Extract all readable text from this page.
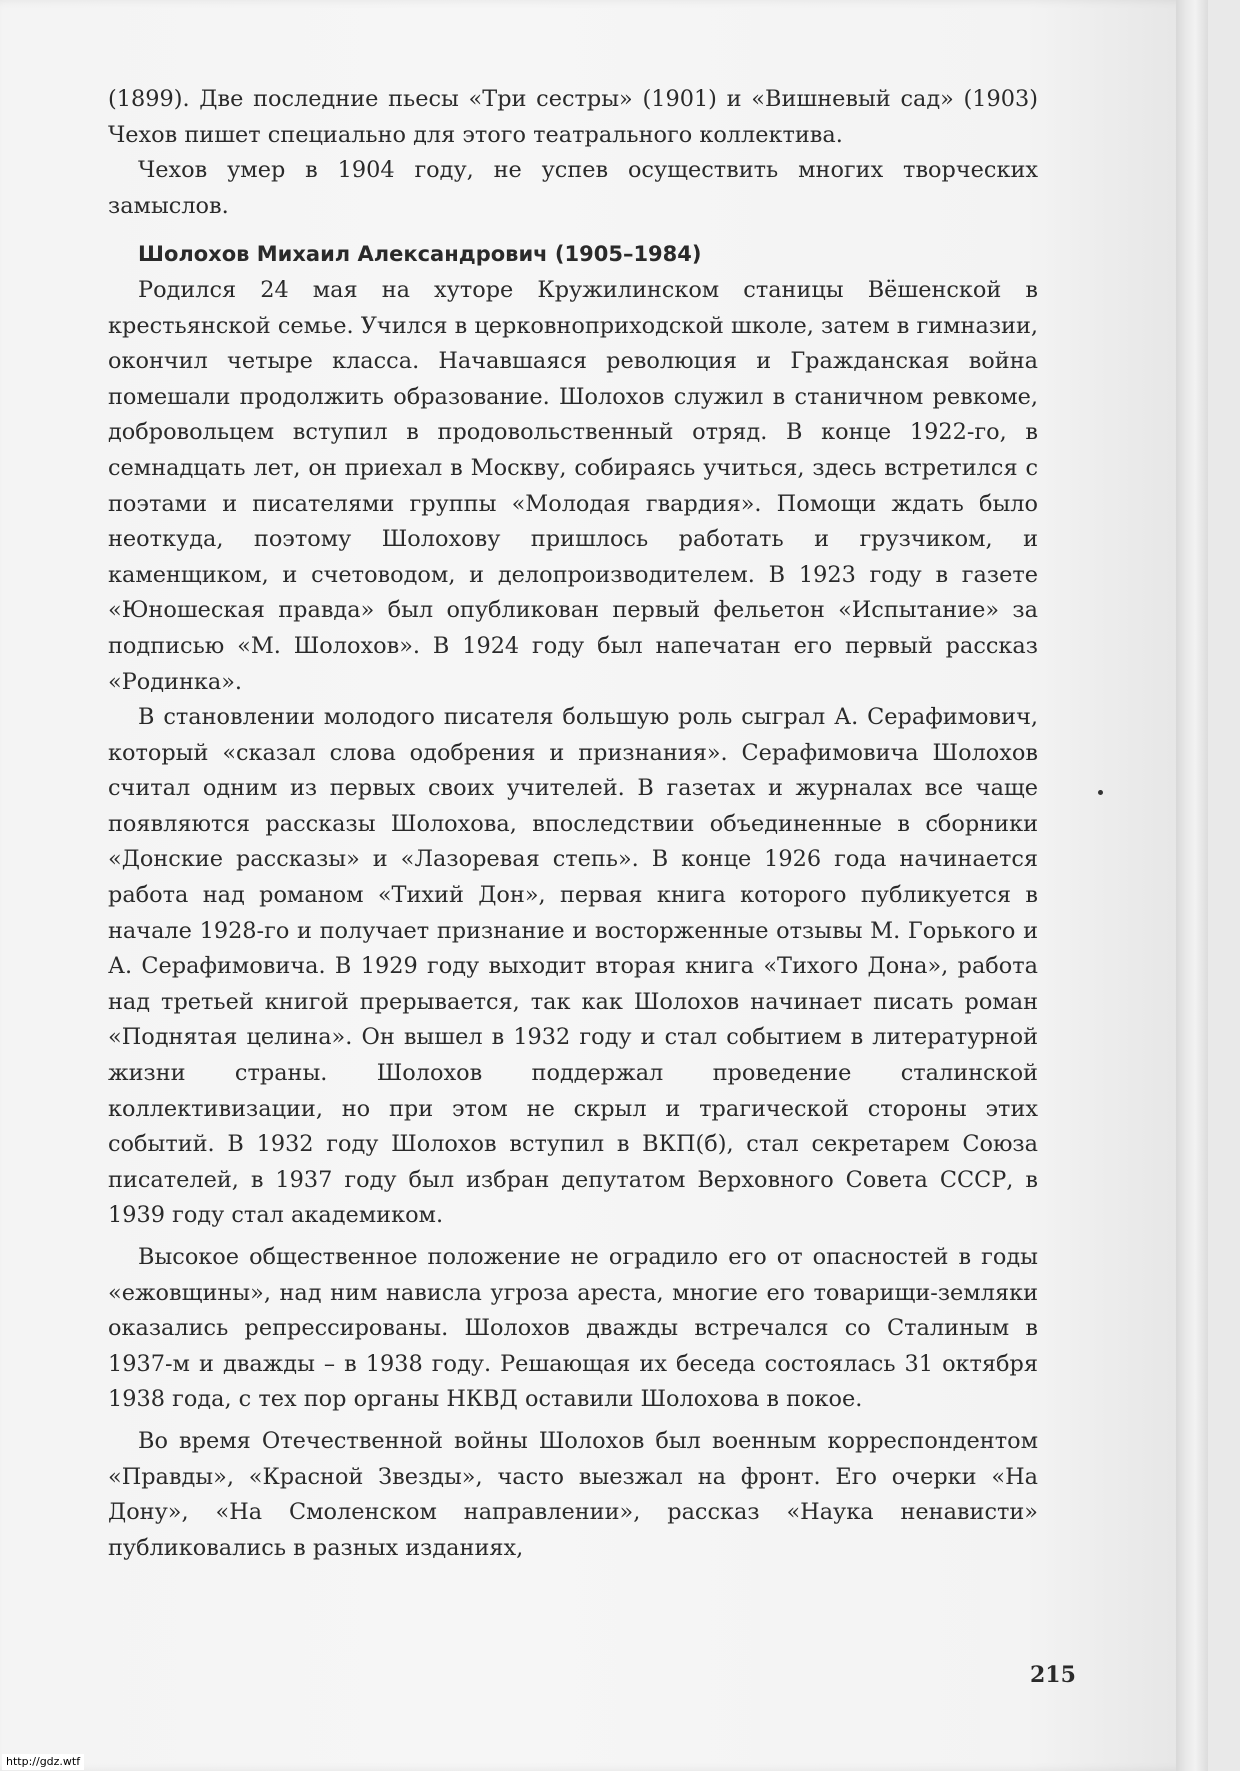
(1899). Две последние пьесы «Три сестры» (1901) и «Вишневый сад» (1903) Чехов пишет специально для этого театрального коллектива.

Чехов умер в 1904 году, не успев осуществить многих творческих замыслов.

Шолохов Михаил Александрович (1905–1984)

Родился 24 мая на хуторе Кружилинском станицы Вёшенской в крестьянской семье. Учился в церковноприходской школе, затем в гимназии, окончил четыре класса. Начавшаяся революция и Гражданская война помешали продолжить образование. Шолохов служил в станичном ревкоме, добровольцем вступил в продовольственный отряд. В конце 1922-го, в семнадцать лет, он приехал в Москву, собираясь учиться, здесь встретился с поэтами и писателями группы «Молодая гвардия». Помощи ждать было неоткуда, поэтому Шолохову пришлось работать и грузчиком, и каменщиком, и счетоводом, и делопроизводителем. В 1923 году в газете «Юношеская правда» был опубликован первый фельетон «Испытание» за подписью «М. Шолохов». В 1924 году был напечатан его первый рассказ «Родинка».

В становлении молодого писателя большую роль сыграл А. Серафимович, который «сказал слова одобрения и признания». Серафимовича Шолохов считал одним из первых своих учителей. В газетах и журналах все чаще появляются рассказы Шолохова, впоследствии объединенные в сборники «Донские рассказы» и «Лазоревая степь». В конце 1926 года начинается работа над романом «Тихий Дон», первая книга которого публикуется в начале 1928-го и получает признание и восторженные отзывы М. Горького и А. Серафимовича. В 1929 году выходит вторая книга «Тихого Дона», работа над третьей книгой прерывается, так как Шолохов начинает писать роман «Поднятая целина». Он вышел в 1932 году и стал событием в литературной жизни страны. Шолохов поддержал проведение сталинской коллективизации, но при этом не скрыл и трагической стороны этих событий. В 1932 году Шолохов вступил в ВКП(б), стал секретарем Союза писателей, в 1937 году был избран депутатом Верховного Совета СССР, в 1939 году стал академиком.

Высокое общественное положение не оградило его от опасностей в годы «ежовщины», над ним нависла угроза ареста, многие его товарищи-земляки оказались репрессированы. Шолохов дважды встречался со Сталиным в 1937-м и дважды – в 1938 году. Решающая их беседа состоялась 31 октября 1938 года, с тех пор органы НКВД оставили Шолохова в покое.

Во время Отечественной войны Шолохов был военным корреспондентом «Правды», «Красной Звезды», часто выезжал на фронт. Его очерки «На Дону», «На Смоленском направлении», рассказ «Наука ненависти» публиковались в разных изданиях,

215
http://gdz.wtf
